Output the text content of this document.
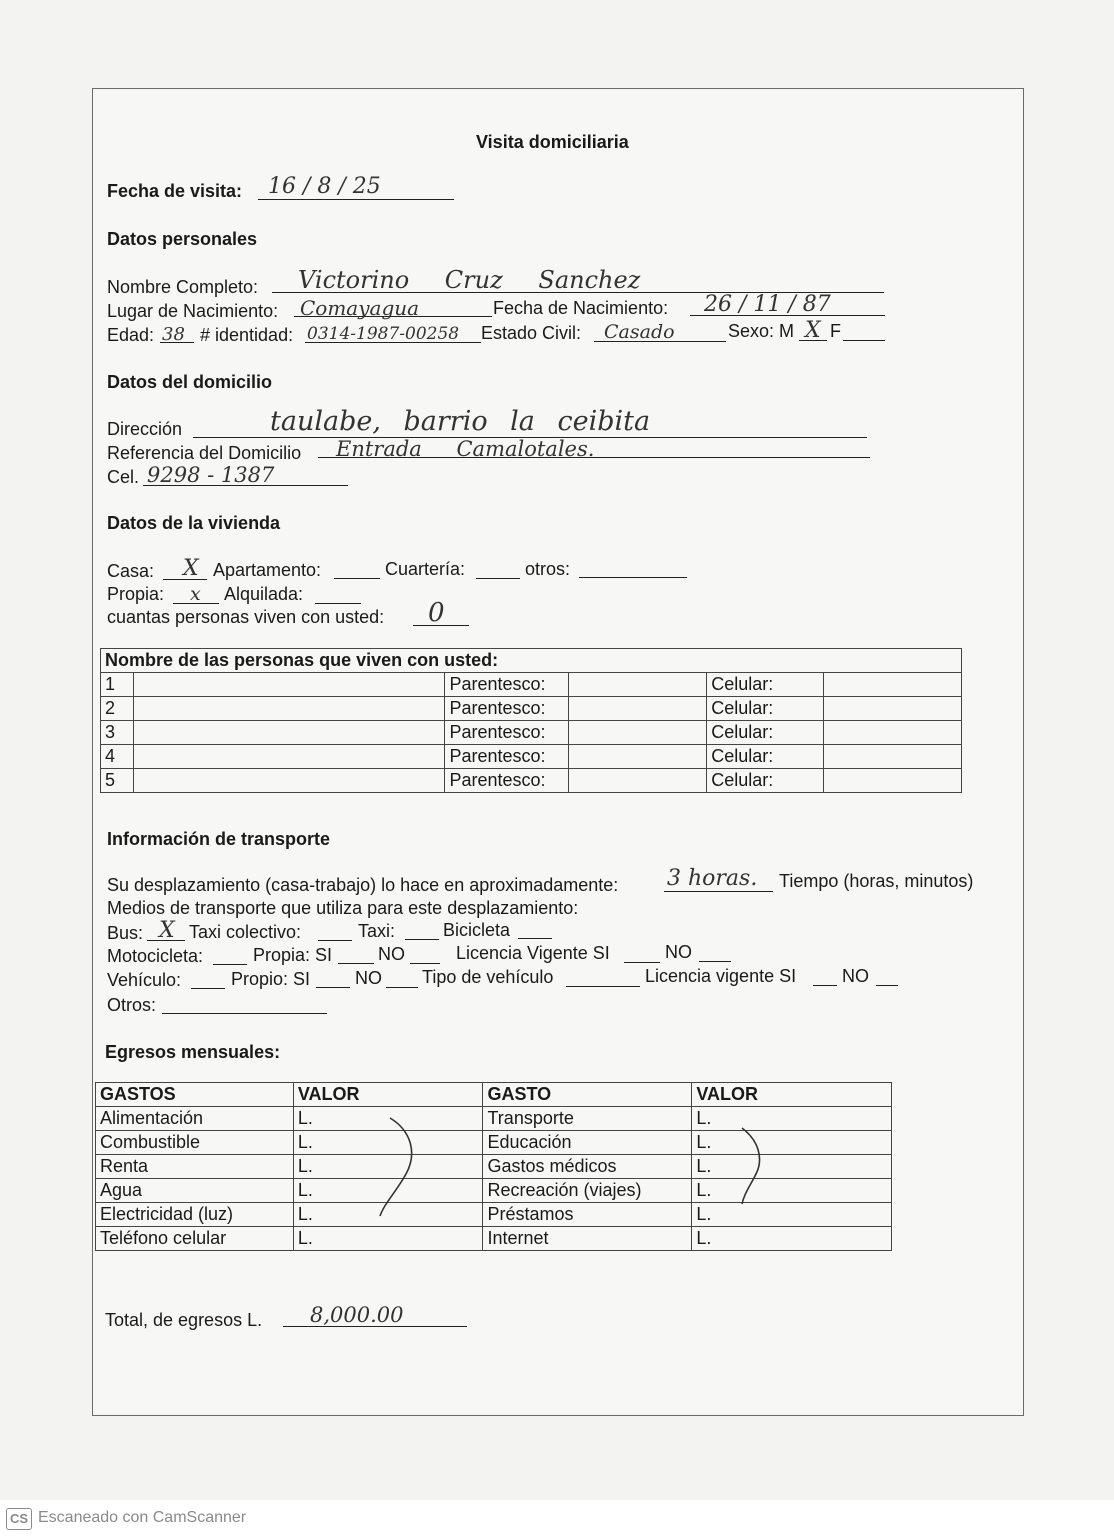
Visita domiciliaria
Fecha de visita: 16 / 8 / 25
Datos personales
Nombre Completo: Victorino Cruz Sanchez
Lugar de Nacimiento: Comayagua	Fecha de Nacimiento: 26 / 11 / 87
Edad: 38 # identidad: 0314-1987-00258 Estado Civil: Casado	Sexo: M X F
Datos del domicilio
Dirección	taulabe, barrio la ceibita
Referencia del Domicilio Entrada Camalotales.
Cel. 9298 - 1387
Datos de la vivienda
Casa: X Apartamento:	Cuartería:	otros:
Propia: x Alquilada:
cuantas personas viven con usted: 0
Nombre de las personas que viven con usted:					
1		Parentesco:		Celular:	
2		Parentesco:		Celular:	
3		Parentesco:		Celular:	
4		Parentesco:		Celular:	
5		Parentesco:		Celular:	
Información de transporte
Su desplazamiento (casa-trabajo) lo hace en aproximadamente: 3 horas. Tiempo (horas, minutos)
Medios de transporte que utiliza para este desplazamiento:
Bus: X Taxi colectivo:	Taxi:	Bicicleta
Motocicleta:	Propia: SI	NO	Licencia Vigente SI	NO
Vehículo:	Propio: SI NO Tipo de vehículo	Licencia vigente SI	NO
Otros:
Egresos mensuales:
GASTOS	VALOR	GASTO	VALOR
Alimentación	L.	Transporte	L.
Combustible	L.	Educación	L.
Renta	L.	Gastos médicos	L.
Agua	L.	Recreación (viajes)	L.
Electricidad (luz)	L.	Préstamos	L.
Teléfono celular	L.	Internet	L.
Total, de egresos L. 8,000.00
CS Escaneado con CamScanner
